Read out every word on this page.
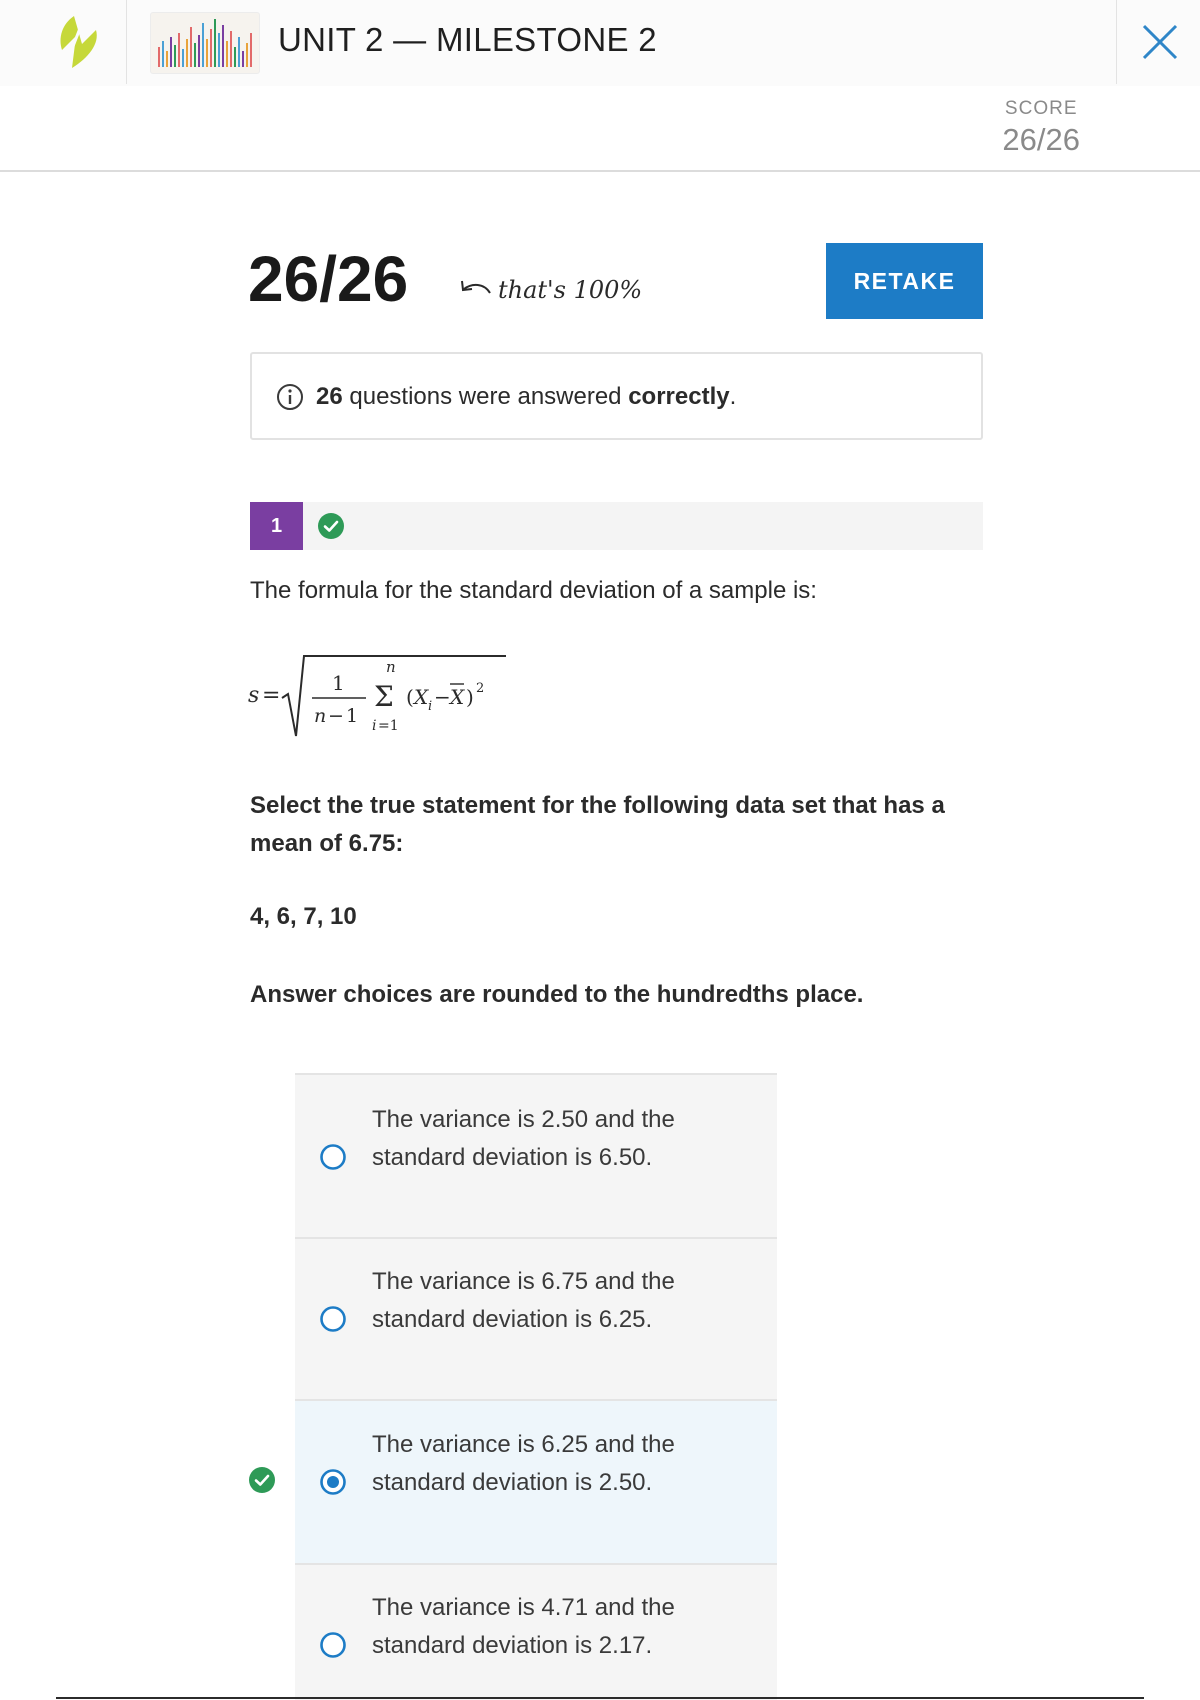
UNIT 2 — MILESTONE 2
SCORE
26/26
26/26	that's 100%	RETAKE
26 questions were answered correctly.
1
The formula for the standard deviation of a sample is:
s =	1
n − 1
n
Σ
i =1
( X i − X ) 2
Select the true statement for the following data set that has a mean of 6.75:
4, 6, 7, 10
Answer choices are rounded to the hundredths place.
The variance is 2.50 and the standard deviation is 6.50.
The variance is 6.75 and the standard deviation is 6.25.
The variance is 6.25 and the standard deviation is 2.50.
The variance is 4.71 and the standard deviation is 2.17.
